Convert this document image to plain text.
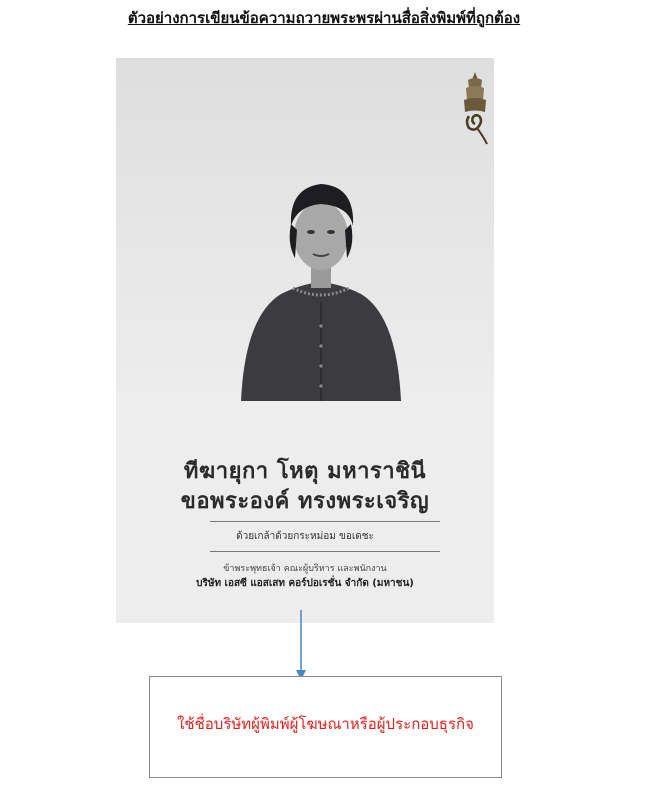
ตัวอย่างการเขียนข้อความถวายพระพรผ่านสื่อสิ่งพิมพ์ที่ถูกต้อง
ทีฆายุกา โหตุ มหาราชินี
ขอพระองค์ ทรงพระเจริญ
ด้วยเกล้าด้วยกระหม่อม ขอเดชะ
ข้าพระพุทธเจ้า คณะผู้บริหาร และพนักงาน
บริษัท เอสซี แอสเสท คอร์ปอเรชั่น จำกัด (มหาชน)
ใช้ชื่อบริษัทผู้พิมพ์ผู้โฆษณาหรือผู้ประกอบธุรกิจ
